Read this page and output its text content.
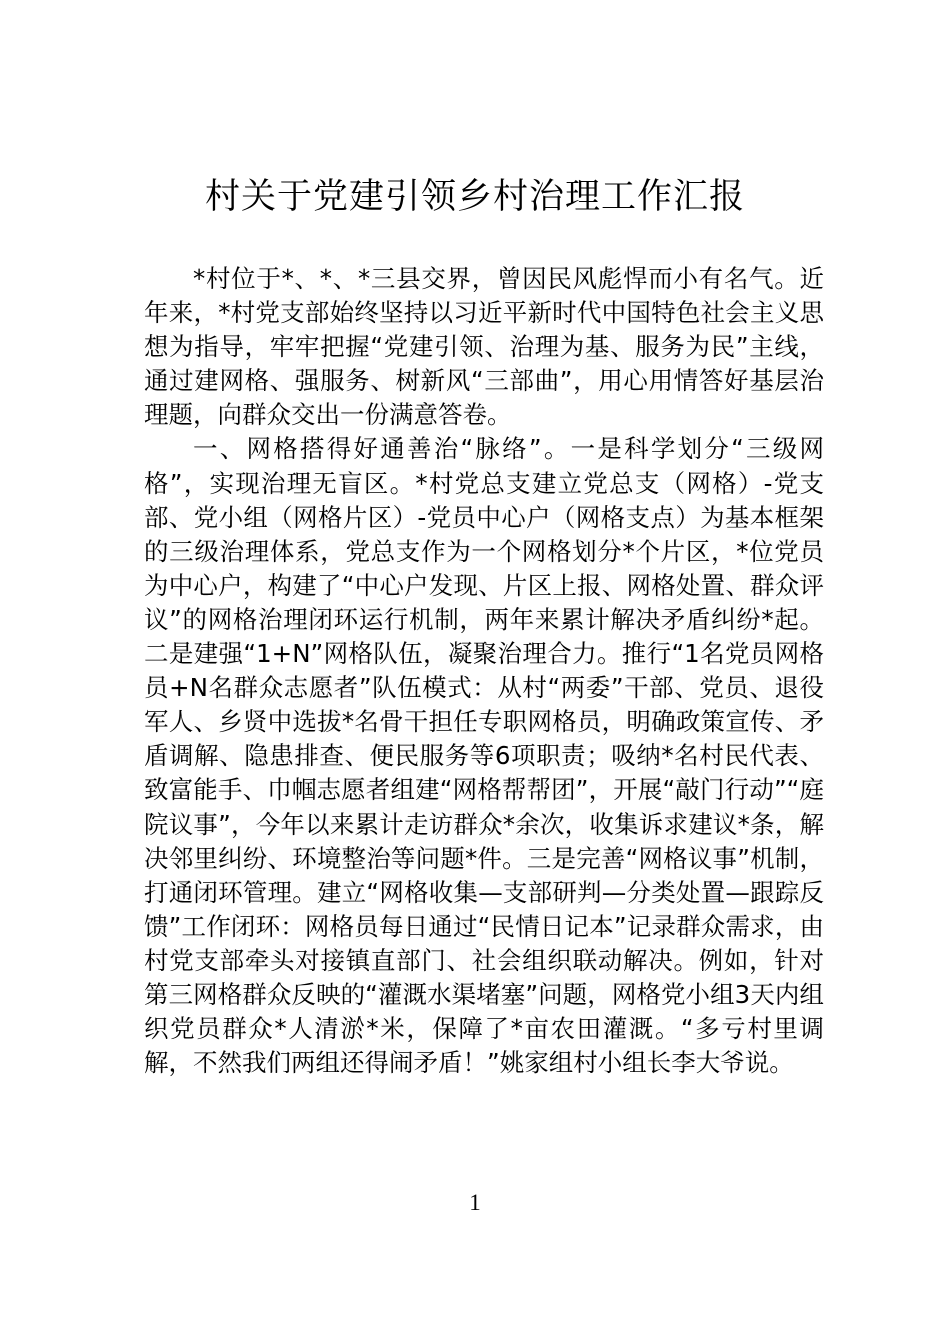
村关于党建引领乡村治理工作汇报

*村位于*、*、*三县交界，曾因民风彪悍而小有名气。近年来，*村党支部始终坚持以习近平新时代中国特色社会主义思想为指导，牢牢把握“党建引领、治理为基、服务为民”主线，通过建网格、强服务、树新风“三部曲”，用心用情答好基层治理题，向群众交出一份满意答卷。

一、网格搭得好通善治“脉络”。一是科学划分“三级网格”，实现治理无盲区。*村党总支建立党总支（网格）-党支部、党小组（网格片区）-党员中心户（网格支点）为基本框架的三级治理体系，党总支作为一个网格划分*个片区，*位党员为中心户，构建了“中心户发现、片区上报、网格处置、群众评议”的网格治理闭环运行机制，两年来累计解决矛盾纠纷*起。二是建强“1+N”网格队伍，凝聚治理合力。推行“1名党员网格员+N名群众志愿者”队伍模式：从村“两委”干部、党员、退役军人、乡贤中选拔*名骨干担任专职网格员，明确政策宣传、矛盾调解、隐患排查、便民服务等6项职责；吸纳*名村民代表、致富能手、巾帼志愿者组建“网格帮帮团”，开展“敲门行动”“庭院议事”，今年以来累计走访群众*余次，收集诉求建议*条，解决邻里纠纷、环境整治等问题*件。三是完善“网格议事”机制，打通闭环管理。建立“网格收集—支部研判—分类处置—跟踪反馈”工作闭环：网格员每日通过“民情日记本”记录群众需求，由村党支部牵头对接镇直部门、社会组织联动解决。例如，针对第三网格群众反映的“灌溉水渠堵塞”问题，网格党小组3天内组织党员群众*人清淤*米，保障了*亩农田灌溉。“多亏村里调解，不然我们两组还得闹矛盾！”姚家组村小组长李大爷说。

1
